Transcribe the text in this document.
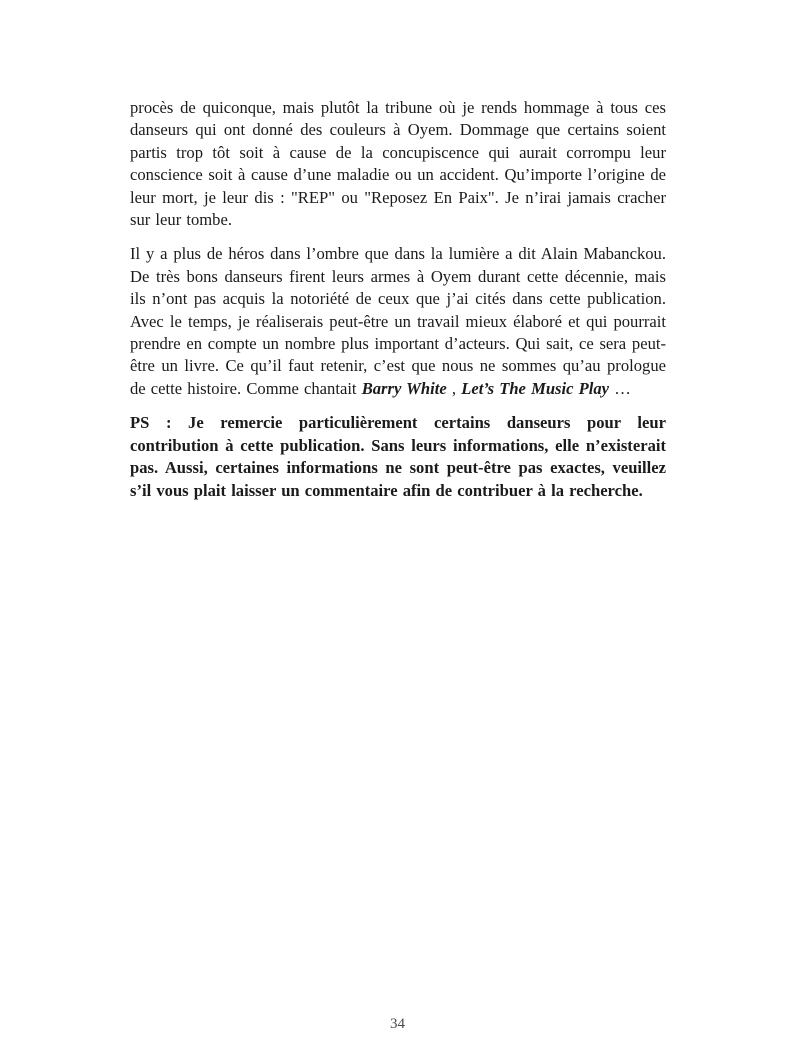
procès de quiconque, mais plutôt la tribune où je rends hommage à tous ces danseurs qui ont donné des couleurs à Oyem. Dommage que certains soient partis trop tôt soit à cause de la concupiscence qui aurait corrompu leur conscience soit à cause d’une maladie ou un accident. Qu’importe l’origine de leur mort, je leur dis : "REP" ou "Reposez En Paix". Je n’irai jamais cracher sur leur tombe.

Il y a plus de héros dans l’ombre que dans la lumière a dit Alain Mabanckou. De très bons danseurs firent leurs armes à Oyem durant cette décennie, mais ils n’ont pas acquis la notoriété de ceux que j’ai cités dans cette publication. Avec le temps, je réaliserais peut-être un travail mieux élaboré et qui pourrait prendre en compte un nombre plus important d’acteurs. Qui sait, ce sera peut-être un livre. Ce qu’il faut retenir, c’est que nous ne sommes qu’au prologue de cette histoire. Comme chantait Barry White , Let’s The Music Play …

PS : Je remercie particulièrement certains danseurs pour leur contribution à cette publication. Sans leurs informations, elle n’existerait pas. Aussi, certaines informations ne sont peut-être pas exactes, veuillez s’il vous plait laisser un commentaire afin de contribuer à la recherche.

34
